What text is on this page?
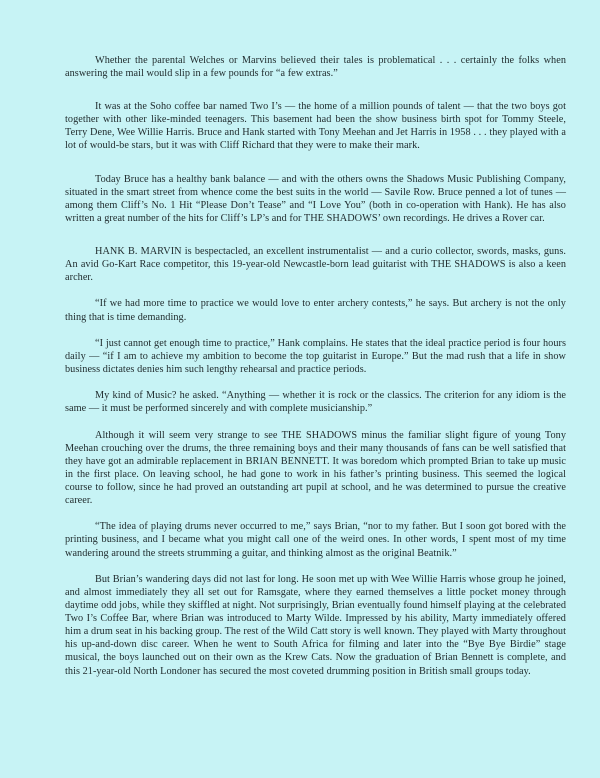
Whether the parental Welches or Marvins believed their tales is problematical . . . certainly the folks when answering the mail would slip in a few pounds for “a few extras.”

It was at the Soho coffee bar named Two I’s — the home of a million pounds of talent — that the two boys got together with other like-minded teenagers. This basement had been the show business birth spot for Tommy Steele, Terry Dene, Wee Willie Harris. Bruce and Hank started with Tony Meehan and Jet Harris in 1958 . . . they played with a lot of would-be stars, but it was with Cliff Richard that they were to make their mark.

Today Bruce has a healthy bank balance — and with the others owns the Shadows Music Publishing Company, situated in the smart street from whence come the best suits in the world — Savile Row. Bruce penned a lot of tunes — among them Cliff’s No. 1 Hit “Please Don’t Tease” and “I Love You” (both in co-operation with Hank). He has also written a great number of the hits for Cliff’s LP’s and for THE SHADOWS’ own recordings. He drives a Rover car.

HANK B. MARVIN is bespectacled, an excellent instrumentalist — and a curio collector, swords, masks, guns. An avid Go-Kart Race competitor, this 19-year-old Newcastle-born lead guitarist with THE SHADOWS is also a keen archer.

“If we had more time to practice we would love to enter archery contests,” he says. But archery is not the only thing that is time demanding.

“I just cannot get enough time to practice,” Hank complains. He states that the ideal practice period is four hours daily — “if I am to achieve my ambition to become the top guitarist in Europe.” But the mad rush that a life in show business dictates denies him such lengthy rehearsal and practice periods.

My kind of Music? he asked. “Anything — whether it is rock or the classics. The criterion for any idiom is the same — it must be performed sincerely and with complete musicianship.”

Although it will seem very strange to see THE SHADOWS minus the familiar slight figure of young Tony Meehan crouching over the drums, the three remaining boys and their many thousands of fans can be well satisfied that they have got an admirable replacement in BRIAN BENNETT. It was boredom which prompted Brian to take up music in the first place. On leaving school, he had gone to work in his father’s printing business. This seemed the logical course to follow, since he had proved an outstanding art pupil at school, and he was determined to pursue the creative career.

“The idea of playing drums never occurred to me,” says Brian, “nor to my father. But I soon got bored with the printing business, and I became what you might call one of the weird ones. In other words, I spent most of my time wandering around the streets strumming a guitar, and thinking almost as the original Beatnik.”

But Brian’s wandering days did not last for long. He soon met up with Wee Willie Harris whose group he joined, and almost immediately they all set out for Ramsgate, where they earned themselves a little pocket money through daytime odd jobs, while they skiffled at night. Not surprisingly, Brian eventually found himself playing at the celebrated Two I’s Coffee Bar, where Brian was introduced to Marty Wilde. Impressed by his ability, Marty immediately offered him a drum seat in his backing group. The rest of the Wild Catt story is well known. They played with Marty throughout his up-and-down disc career. When he went to South Africa for filming and later into the “Bye Bye Birdie” stage musical, the boys launched out on their own as the Krew Cats. Now the graduation of Brian Bennett is complete, and this 21-year-old North Londoner has secured the most coveted drumming position in British small groups today.
